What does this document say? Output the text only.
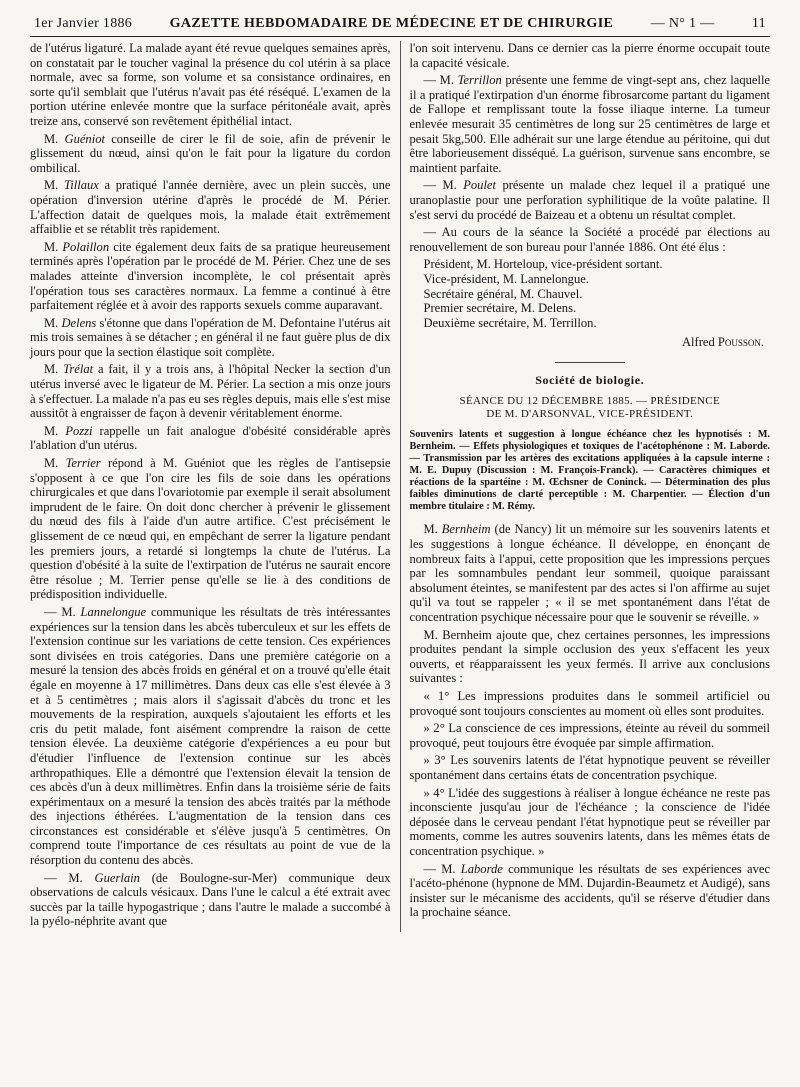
1er Janvier 1886	GAZETTE HEBDOMADAIRE DE MÉDECINE ET DE CHIRURGIE	— N° 1 —	11

de l'utérus ligaturé. La malade ayant été revue quelques semaines après, on constatait par le toucher vaginal la présence du col utérin à sa place normale, avec sa forme, son volume et sa consistance ordinaires, en sorte qu'il semblait que l'utérus n'avait pas été réséqué. L'examen de la portion utérine enlevée montre que la surface péritonéale avait, après treize ans, conservé son revêtement épithélial intact.

M. Guéniot conseille de cirer le fil de soie, afin de prévenir le glissement du nœud, ainsi qu'on le fait pour la ligature du cordon ombilical.

M. Tillaux a pratiqué l'année dernière, avec un plein succès, une opération d'inversion utérine d'après le procédé de M. Périer. L'affection datait de quelques mois, la malade était extrêmement affaiblie et se rétablit très rapidement.

M. Polaillon cite également deux faits de sa pratique heureusement terminés après l'opération par le procédé de M. Périer. Chez une de ses malades atteinte d'inversion incomplète, le col présentait après l'opération tous ses caractères normaux. La femme a continué à être parfaitement réglée et à avoir des rapports sexuels comme auparavant.

M. Delens s'étonne que dans l'opération de M. Defontaine l'utérus ait mis trois semaines à se détacher ; en général il ne faut guère plus de dix jours pour que la section élastique soit complète.

M. Trélat a fait, il y a trois ans, à l'hôpital Necker la section d'un utérus inversé avec le ligateur de M. Périer. La section a mis onze jours à s'effectuer. La malade n'a pas eu ses règles depuis, mais elle s'est mise aussitôt à engraisser de façon à devenir véritablement énorme.

M. Pozzi rappelle un fait analogue d'obésité considérable après l'ablation d'un utérus.

M. Terrier répond à M. Guéniot que les règles de l'antisepsie s'opposent à ce que l'on cire les fils de soie dans les opérations chirurgicales et que dans l'ovariotomie par exemple il serait absolument imprudent de le faire. On doit donc chercher à prévenir le glissement du nœud des fils à l'aide d'un autre artifice. C'est précisément le glissement de ce nœud qui, en empêchant de serrer la ligature pendant les premiers jours, a retardé si longtemps la chute de l'utérus. La question d'obésité à la suite de l'extirpation de l'utérus ne saurait encore être résolue ; M. Terrier pense qu'elle se lie à des conditions de prédisposition individuelle.

— M. Lannelongue communique les résultats de très intéressantes expériences sur la tension dans les abcès tuberculeux et sur les effets de l'extension continue sur les variations de cette tension. Ces expériences sont divisées en trois catégories. Dans une première catégorie on a mesuré la tension des abcès froids en général et on a trouvé qu'elle était égale en moyenne à 17 millimètres. Dans deux cas elle s'est élevée à 3 et à 5 centimètres ; mais alors il s'agissait d'abcès du tronc et les mouvements de la respiration, auxquels s'ajoutaient les efforts et les cris du petit malade, font aisément comprendre la raison de cette tension élevée. La deuxième catégorie d'expériences a eu pour but d'étudier l'influence de l'extension continue sur les abcès arthropathiques. Elle a démontré que l'extension élevait la tension de ces abcès d'un à deux millimètres. Enfin dans la troisième série de faits expérimentaux on a mesuré la tension des abcès traités par la méthode des injections éthérées. L'augmentation de la tension dans ces circonstances est considérable et s'élève jusqu'à 5 centimètres. On comprend toute l'importance de ces résultats au point de vue de la résorption du contenu des abcès.

— M. Guerlain (de Boulogne-sur-Mer) communique deux observations de calculs vésicaux. Dans l'une le calcul a été extrait avec succès par la taille hypogastrique ; dans l'autre le malade a succombé à la pyélo-néphrite avant que

l'on soit intervenu. Dans ce dernier cas la pierre énorme occupait toute la capacité vésicale.

— M. Terrillon présente une femme de vingt-sept ans, chez laquelle il a pratiqué l'extirpation d'un énorme fibrosarcome partant du ligament de Fallope et remplissant toute la fosse iliaque interne. La tumeur enlevée mesurait 35 centimètres de long sur 25 centimètres de large et pesait 5kg,500. Elle adhérait sur une large étendue au péritoine, qui dut être laborieusement disséqué. La guérison, survenue sans encombre, se maintient parfaite.

— M. Poulet présente un malade chez lequel il a pratiqué une uranoplastie pour une perforation syphilitique de la voûte palatine. Il s'est servi du procédé de Baizeau et a obtenu un résultat complet.

— Au cours de la séance la Société a procédé par élections au renouvellement de son bureau pour l'année 1886. Ont été élus :

Président, M. Horteloup, vice-président sortant.
Vice-président, M. Lannelongue.
Secrétaire général, M. Chauvel.
Premier secrétaire, M. Delens.
Deuxième secrétaire, M. Terrillon.
Alfred Pousson.
Société de biologie.
SÉANCE DU 12 DÉCEMBRE 1885. — PRÉSIDENCE
DE M. D'ARSONVAL, VICE-PRÉSIDENT.
Souvenirs latents et suggestion à longue échéance chez les hypnotisés : M. Bernheim. — Effets physiologiques et toxiques de l'acétophénone : M. Laborde. — Transmission par les artères des excitations appliquées à la capsule interne : M. E. Dupuy (Discussion : M. François-Franck). — Caractères chimiques et réactions de la spartéine : M. Œchsner de Coninck. — Détermination des plus faibles diminutions de clarté perceptible : M. Charpentier. — Élection d'un membre titulaire : M. Rémy.

M. Bernheim (de Nancy) lit un mémoire sur les souvenirs latents et les suggestions à longue échéance. Il développe, en énonçant de nombreux faits à l'appui, cette proposition que les impressions perçues par les somnambules pendant leur sommeil, quoique paraissant absolument éteintes, se manifestent par des actes si l'on affirme au sujet qu'il va tout se rappeler ; « il se met spontanément dans l'état de concentration psychique nécessaire pour que le souvenir se réveille. »

M. Bernheim ajoute que, chez certaines personnes, les impressions produites pendant la simple occlusion des yeux s'effacent les yeux ouverts, et réapparaissent les yeux fermés. Il arrive aux conclusions suivantes :

« 1° Les impressions produites dans le sommeil artificiel ou provoqué sont toujours conscientes au moment où elles sont produites.

» 2° La conscience de ces impressions, éteinte au réveil du sommeil provoqué, peut toujours être évoquée par simple affirmation.

» 3° Les souvenirs latents de l'état hypnotique peuvent se réveiller spontanément dans certains états de concentration psychique.

» 4° L'idée des suggestions à réaliser à longue échéance ne reste pas inconsciente jusqu'au jour de l'échéance ; la conscience de l'idée déposée dans le cerveau pendant l'état hypnotique peut se réveiller par moments, comme les autres souvenirs latents, dans les mêmes états de concentration psychique. »

— M. Laborde communique les résultats de ses expériences avec l'acéto-phénone (hypnone de MM. Dujardin-Beaumetz et Audigé), sans insister sur le mécanisme des accidents, qu'il se réserve d'étudier dans la prochaine séance.
